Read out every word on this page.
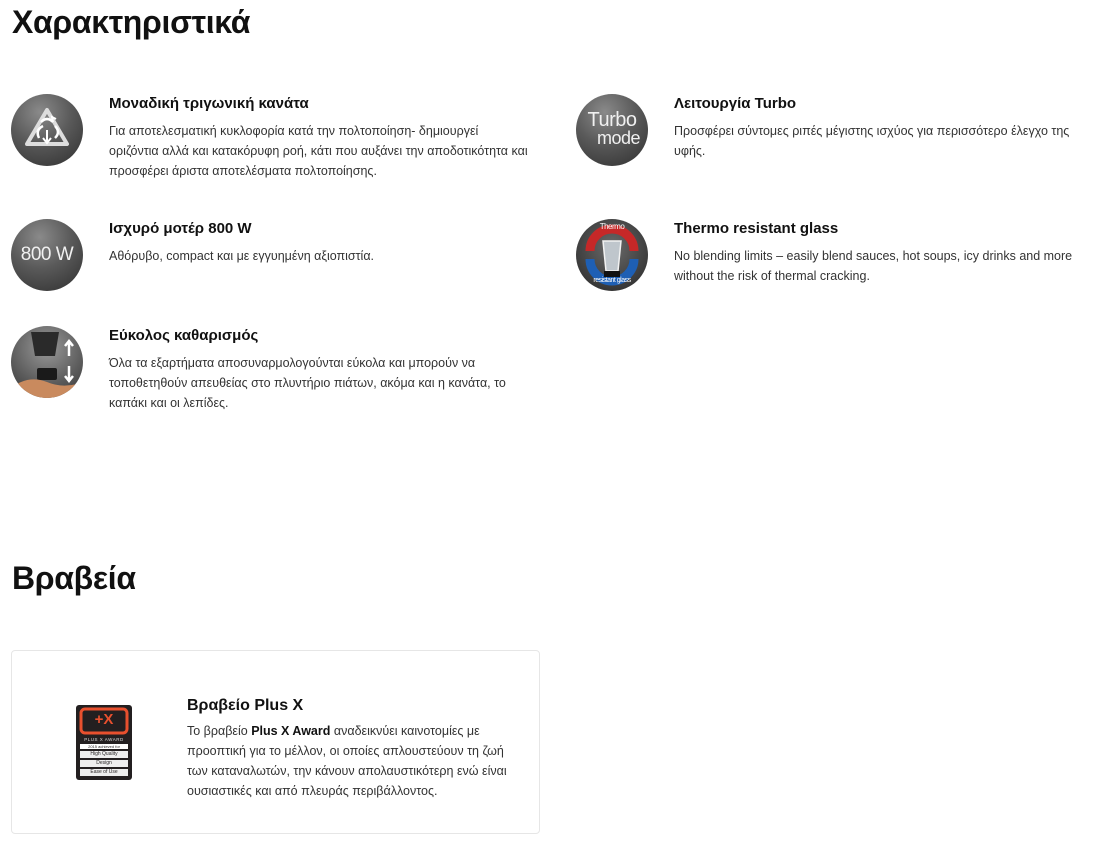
Χαρακτηριστικά
Μοναδική τριγωνική κανάτα

Για αποτελεσματική κυκλοφορία κατά την πολτοποίηση- δημιουργεί οριζόντια αλλά και κατακόρυφη ροή, κάτι που αυξάνει την αποδοτικότητα και προσφέρει άριστα αποτελέσματα πολτοποίησης.

Turbo
mode
Λειτουργία Turbo

Προσφέρει σύντομες ριπές μέγιστης ισχύος για περισσότερο έλεγχο της υφής.

800 W
Ισχυρό μοτέρ 800 W

Αθόρυβο, compact και με εγγυημένη αξιοπιστία.

Thermo
resistant glass
Thermo resistant glass

No blending limits – easily blend sauces, hot soups, icy drinks and more without the risk of thermal cracking.

Εύκολος καθαρισμός

Όλα τα εξαρτήματα αποσυναρμολογούνται εύκολα και μπορούν να τοποθετηθούν απευθείας στο πλυντήριο πιάτων, ακόμα και η κανάτα, το καπάκι και οι λεπίδες.

Βραβεία
+X
PLUS X AWARD
2015 achieved for
High Quality
Design
Ease of Use
Βραβείο Plus X

Το βραβείο Plus X Award αναδεικνύει καινοτομίες με προοπτική για το μέλλον, οι οποίες απλουστεύουν τη ζωή των καταναλωτών, την κάνουν απολαυστικότερη ενώ είναι ουσιαστικές και από πλευράς περιβάλλοντος.
